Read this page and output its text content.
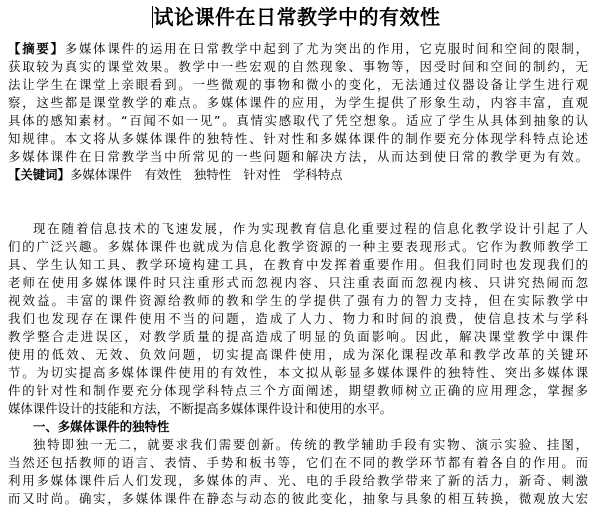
试论课件在日常教学中的有效性
【摘要】多媒体课件的运用在日常教学中起到了尤为突出的作用，它克服时间和空间的限制，
获取较为真实的课堂效果。教学中一些宏观的自然现象、事物等，因受时间和空间的制约，无
法让学生在课堂上亲眼看到。一些微观的事物和微小的变化，无法通过仪器设备让学生进行观
察，这些都是课堂教学的难点。多媒体课件的应用，为学生提供了形象生动，内容丰富，直观
具体的感知素材。“百闻不如一见”。真情实感取代了凭空想象。适应了学生从具体到抽象的认
知规律。本文将从多媒体课件的独特性、针对性和多媒体课件的制作要充分体现学科特点论述
多媒体课件在日常教学当中所常见的一些问题和解决方法，从而达到使日常的教学更为有效。
【关键词】多媒体课件　有效性　独特性　针对性　学科特点
现在随着信息技术的飞速发展，作为实现教育信息化重要过程的信息化教学设计引起了人
们的广泛兴趣。多媒体课件也就成为信息化教学资源的一种主要表现形式。它作为教师教学工
具、学生认知工具、教学环境构建工具，在教育中发挥着重要作用。但我们同时也发现我们的
老师在使用多媒体课件时只注重形式而忽视内容、只注重表面而忽视内核、只讲究热闹而忽
视效益。丰富的课件资源给教师的教和学生的学提供了强有力的智力支持，但在实际教学中
我们也发现存在课件使用不当的问题，造成了人力、物力和时间的浪费，使信息技术与学科
教学整合走进误区，对教学质量的提高造成了明显的负面影响。因此，解决课堂教学中课件
使用的低效、无效、负效问题，切实提高课件使用，成为深化课程改革和教学改革的关键环
节。为切实提高多媒体课件使用的有效性，本文拟从彰显多媒体课件的独特性、突出多媒体课
件的针对性和制作要充分体现学科特点三个方面阐述，期望教师树立正确的应用理念，掌握多
媒体课件设计的技能和方法，不断提高多媒体课件设计和使用的水平。
一、多媒体课件的独特性
独特即独一无二，就要求我们需要创新。传统的教学辅助手段有实物、演示实验、挂图，
当然还包括教师的语言、表情、手势和板书等，它们在不同的教学环节都有着各自的作用。而
利用多媒体课件后人们发现，多媒体的声、光、电的手段给教学带来了新的活力，新奇、刺激
而又时尚。确实，多媒体课件在静态与动态的彼此变化，抽象与具象的相互转换，微观放大宏
